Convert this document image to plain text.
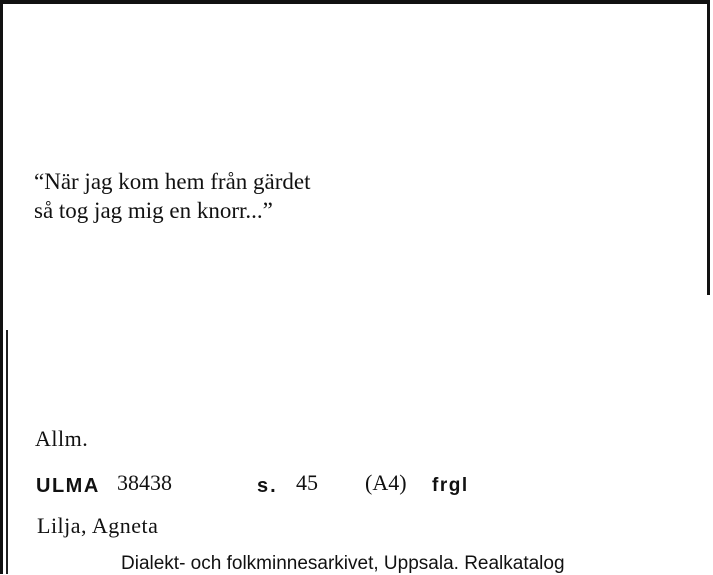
“När jag kom hem från gärdet
så tog jag mig en knorr...”
Allm.
ULMA 38438	s. 45 (A4) frgl
Lilja, Agneta
Dialekt- och folkminnesarkivet, Uppsala. Realkatalog
